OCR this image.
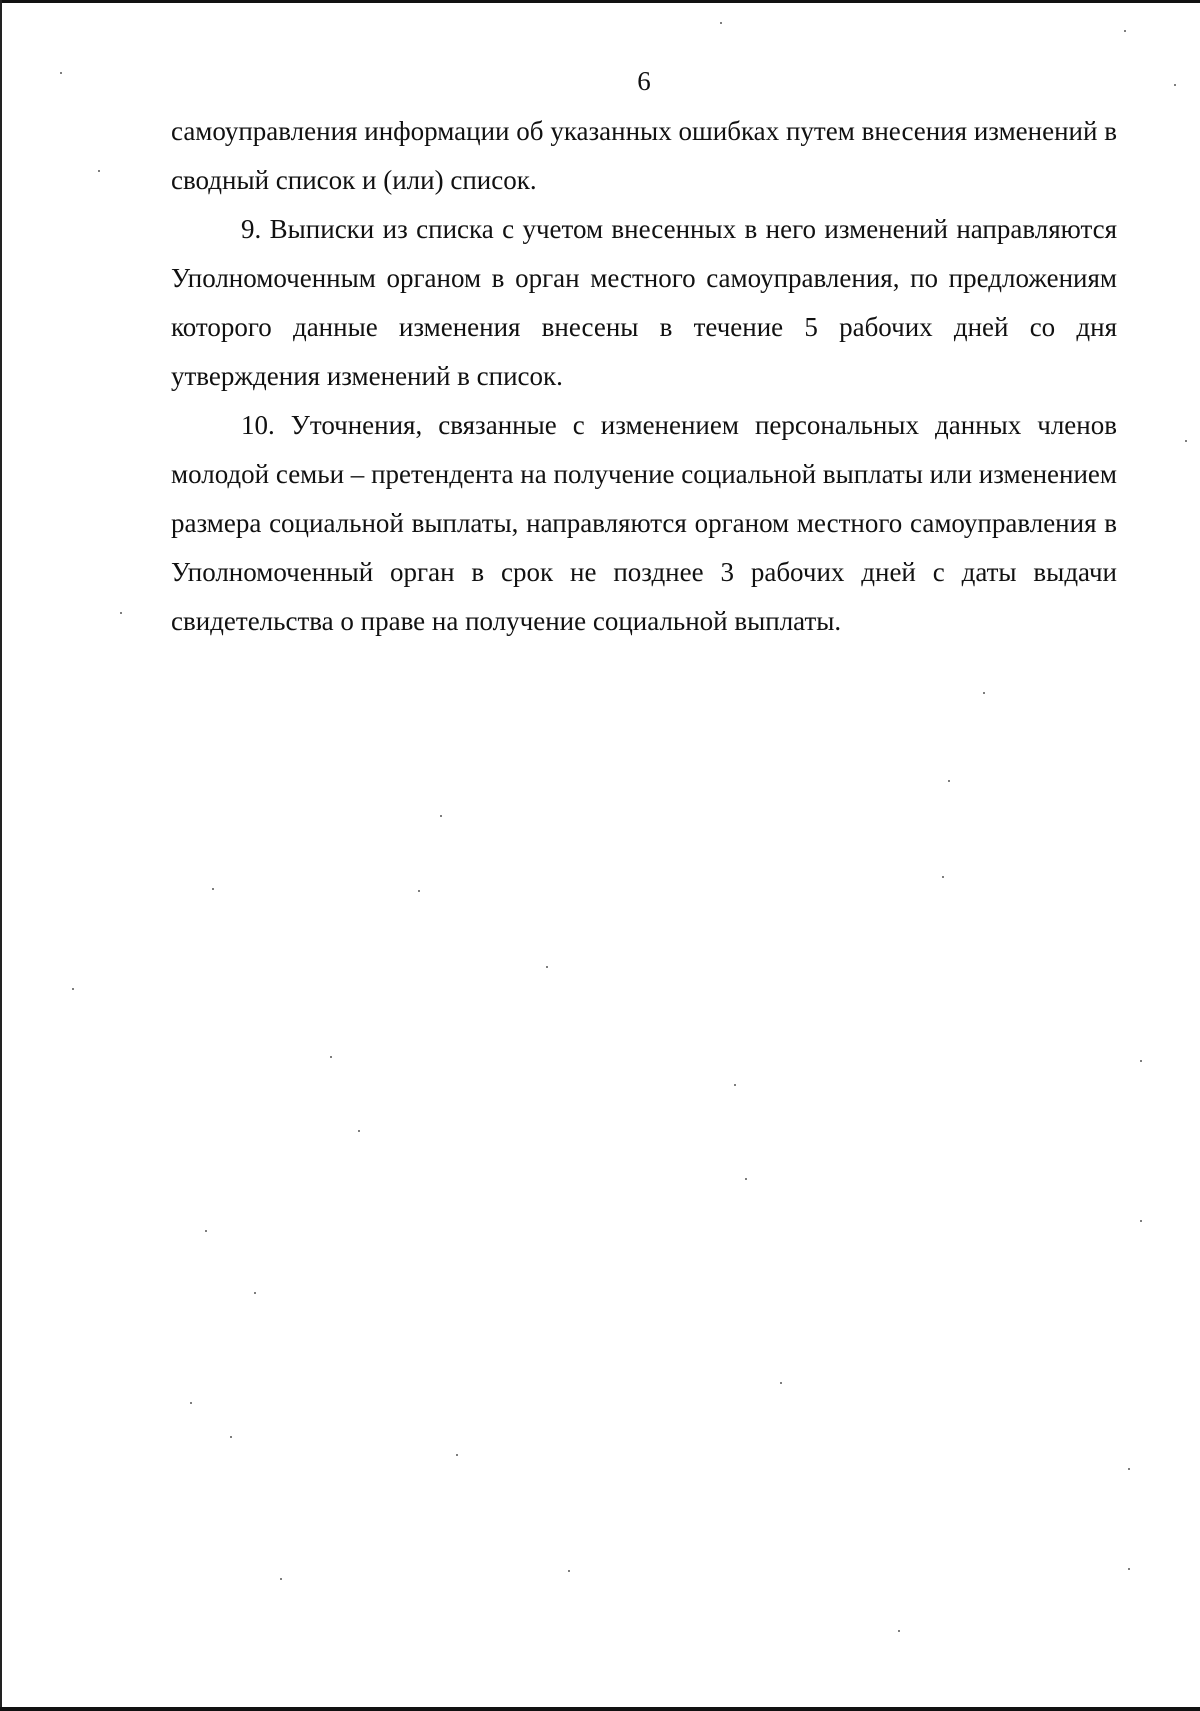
6

самоуправления информации об указанных ошибках путем внесения изменений в сводный список и (или) список.

9. Выписки из списка с учетом внесенных в него изменений направляются Уполномоченным органом в орган местного самоуправления, по предложениям которого данные изменения внесены в течение 5 рабочих дней со дня утверждения изменений в список.

10. Уточнения, связанные с изменением персональных данных членов молодой семьи – претендента на получение социальной выплаты или изменением размера социальной выплаты, направляются органом местного самоуправления в Уполномоченный орган в срок не позднее 3 рабочих дней с даты выдачи свидетельства о праве на получение социальной выплаты.
